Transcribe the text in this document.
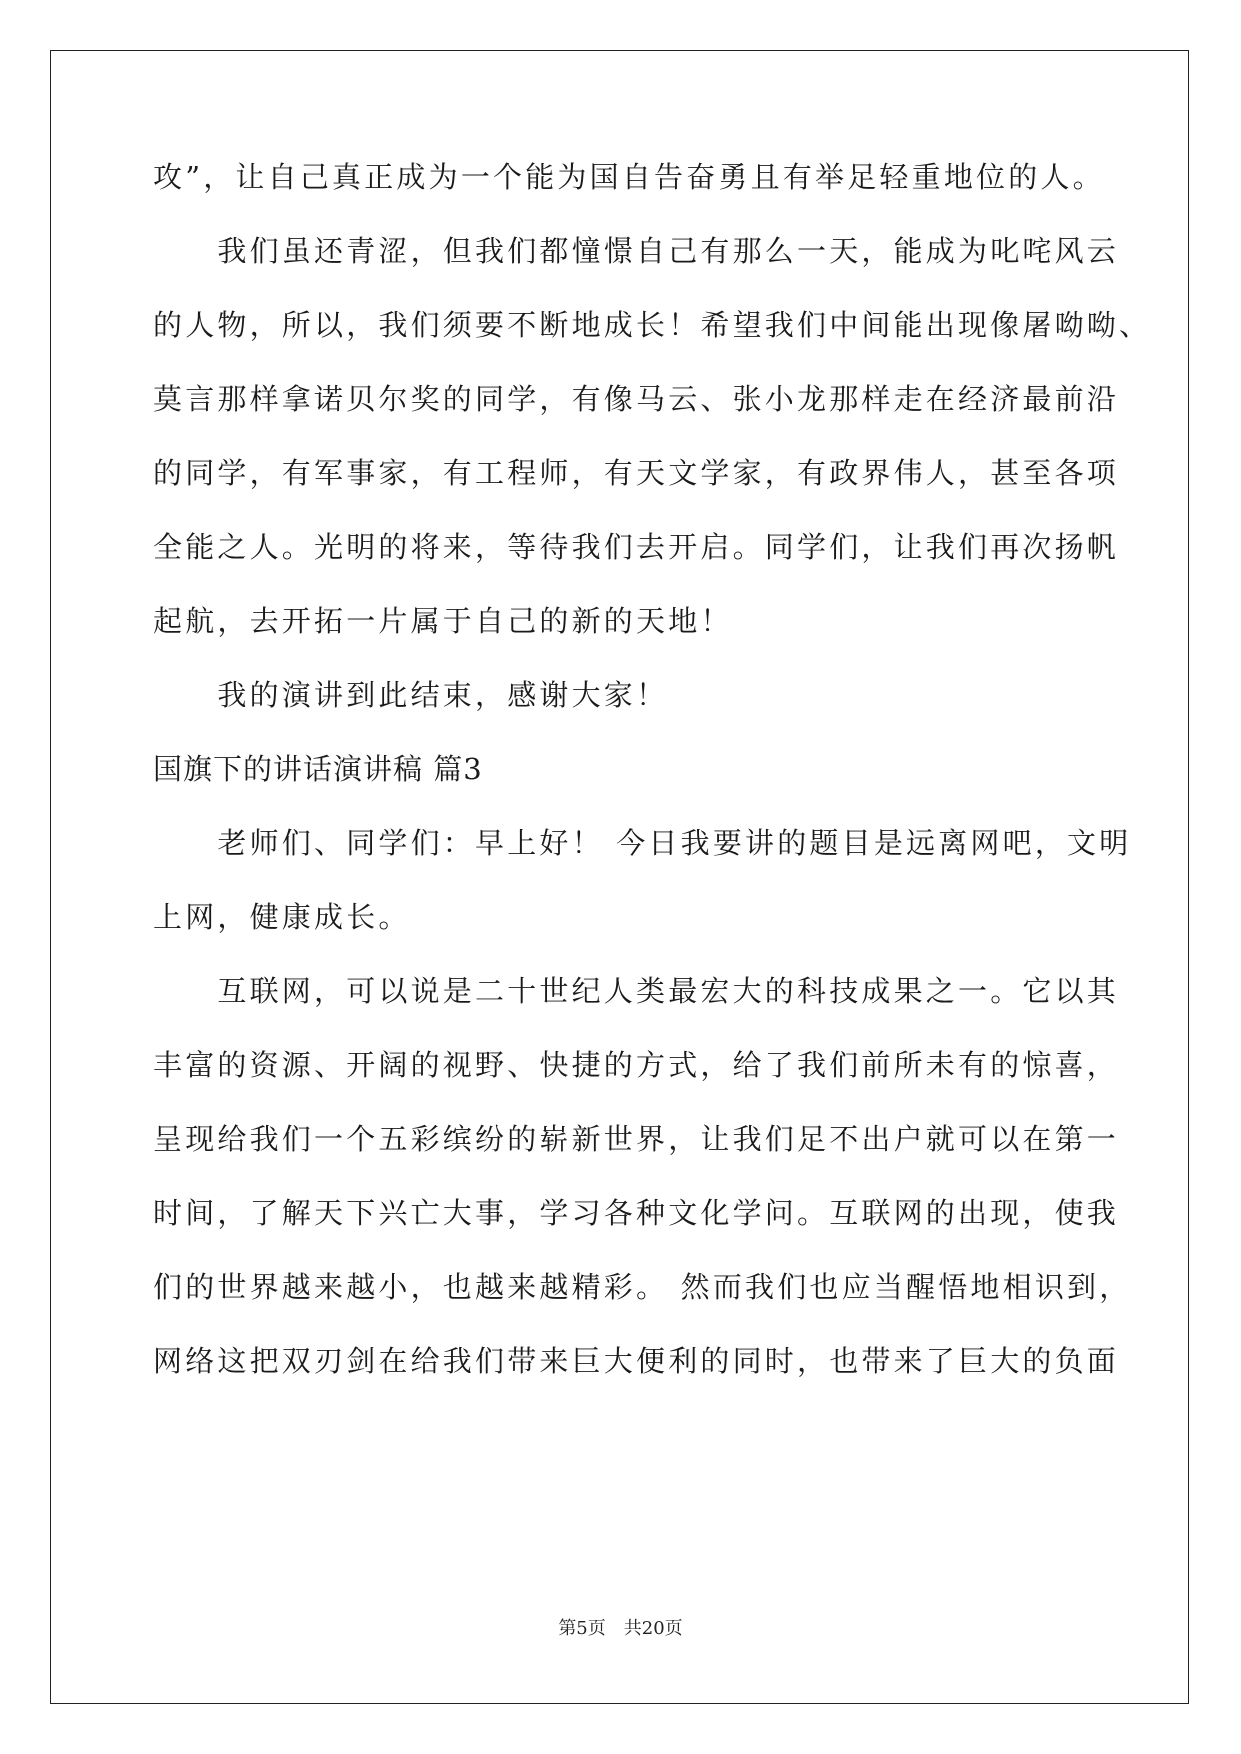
攻”，让自己真正成为一个能为国自告奋勇且有举足轻重地位的人。
　　我们虽还青涩，但我们都憧憬自己有那么一天，能成为叱咤风云
的人物，所以，我们须要不断地成长！希望我们中间能出现像屠呦呦、
莫言那样拿诺贝尔奖的同学，有像马云、张小龙那样走在经济最前沿
的同学，有军事家，有工程师，有天文学家，有政界伟人，甚至各项
全能之人。光明的将来，等待我们去开启。同学们，让我们再次扬帆
起航，去开拓一片属于自己的新的天地！
　　我的演讲到此结束，感谢大家！
国旗下的讲话演讲稿 篇3
　　老师们、同学们：早上好！ 今日我要讲的题目是远离网吧，文明
上网，健康成长。
　　互联网，可以说是二十世纪人类最宏大的科技成果之一。它以其
丰富的资源、开阔的视野、快捷的方式，给了我们前所未有的惊喜，
呈现给我们一个五彩缤纷的崭新世界，让我们足不出户就可以在第一
时间，了解天下兴亡大事，学习各种文化学问。互联网的出现，使我
们的世界越来越小，也越来越精彩。 然而我们也应当醒悟地相识到，
网络这把双刃剑在给我们带来巨大便利的同时，也带来了巨大的负面
第5页　共20页
